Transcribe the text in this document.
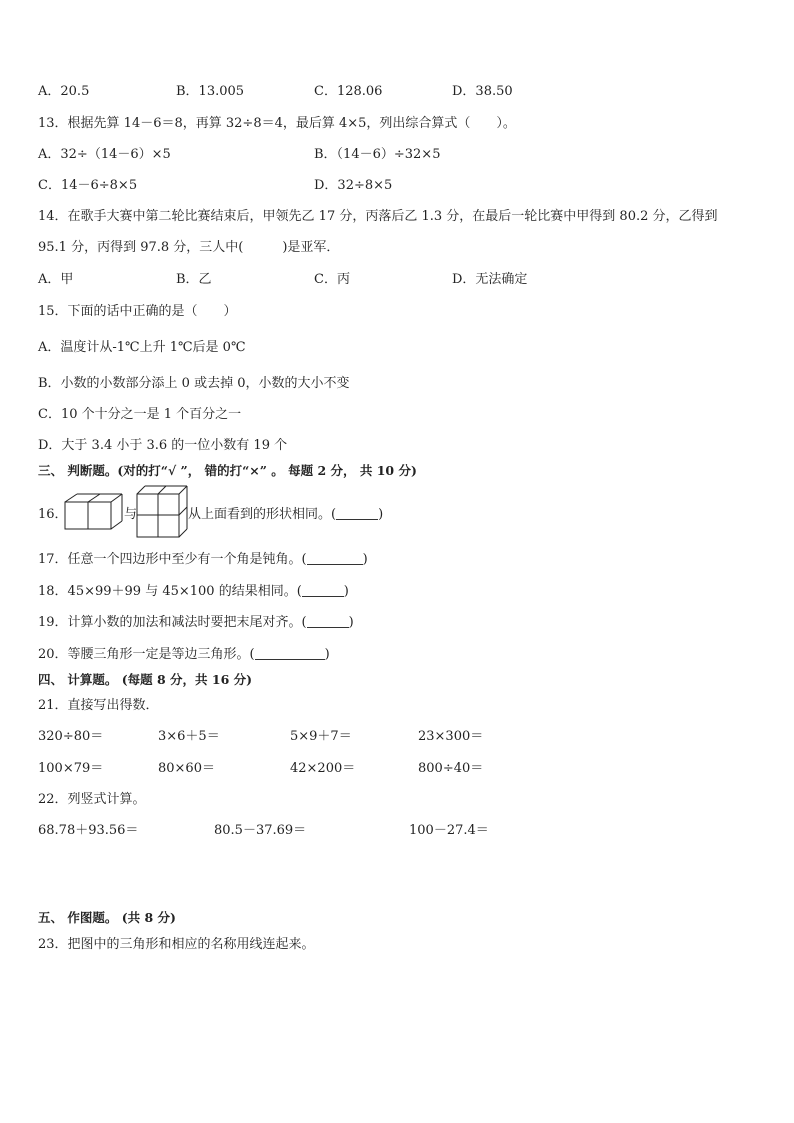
A．20.5	B．13.005	C．128.06	D．38.50
13．根据先算 14－6＝8，再算 32÷8＝4，最后算 4×5，列出综合算式（　　）。
A．32÷（14－6）×5	B．（14－6）÷32×5
C．14－6÷8×5	D．32÷8×5
14．在歌手大赛中第二轮比赛结束后，甲领先乙 17 分，丙落后乙 1.3 分，在最后一轮比赛中甲得到 80.2 分，乙得到
95.1 分，丙得到 97.8 分，三人中(　　　)是亚军．
A．甲	B．乙	C．丙	D．无法确定
15．下面的话中正确的是（　　）
A．温度计从-1℃上升 1℃后是 0℃
B．小数的小数部分添上 0 或去掉 0，小数的大小不变
C．10 个十分之一是 1 个百分之一
D．大于 3.4 小于 3.6 的一位小数有 19 个
三、 判断题。(对的打“√ ”， 错的打“×” 。 每题 2 分， 共 10 分)
16．	与	从上面看到的形状相同。(	)
17．任意一个四边形中至少有一个角是钝角。(	)
18．45×99＋99 与 45×100 的结果相同。(	)
19．计算小数的加法和减法时要把末尾对齐。(	)
20．等腰三角形一定是等边三角形。(	)
四、 计算题。 (每题 8 分，共 16 分)
21．直接写出得数．
320÷80＝	3×6＋5＝	5×9＋7＝	23×300＝
100×79＝	80×60＝	42×200＝	800÷40＝
22．列竖式计算。
68.78＋93.56＝	80.5－37.69＝	100－27.4＝
五、 作图题。 (共 8 分)
23．把图中的三角形和相应的名称用线连起来。
